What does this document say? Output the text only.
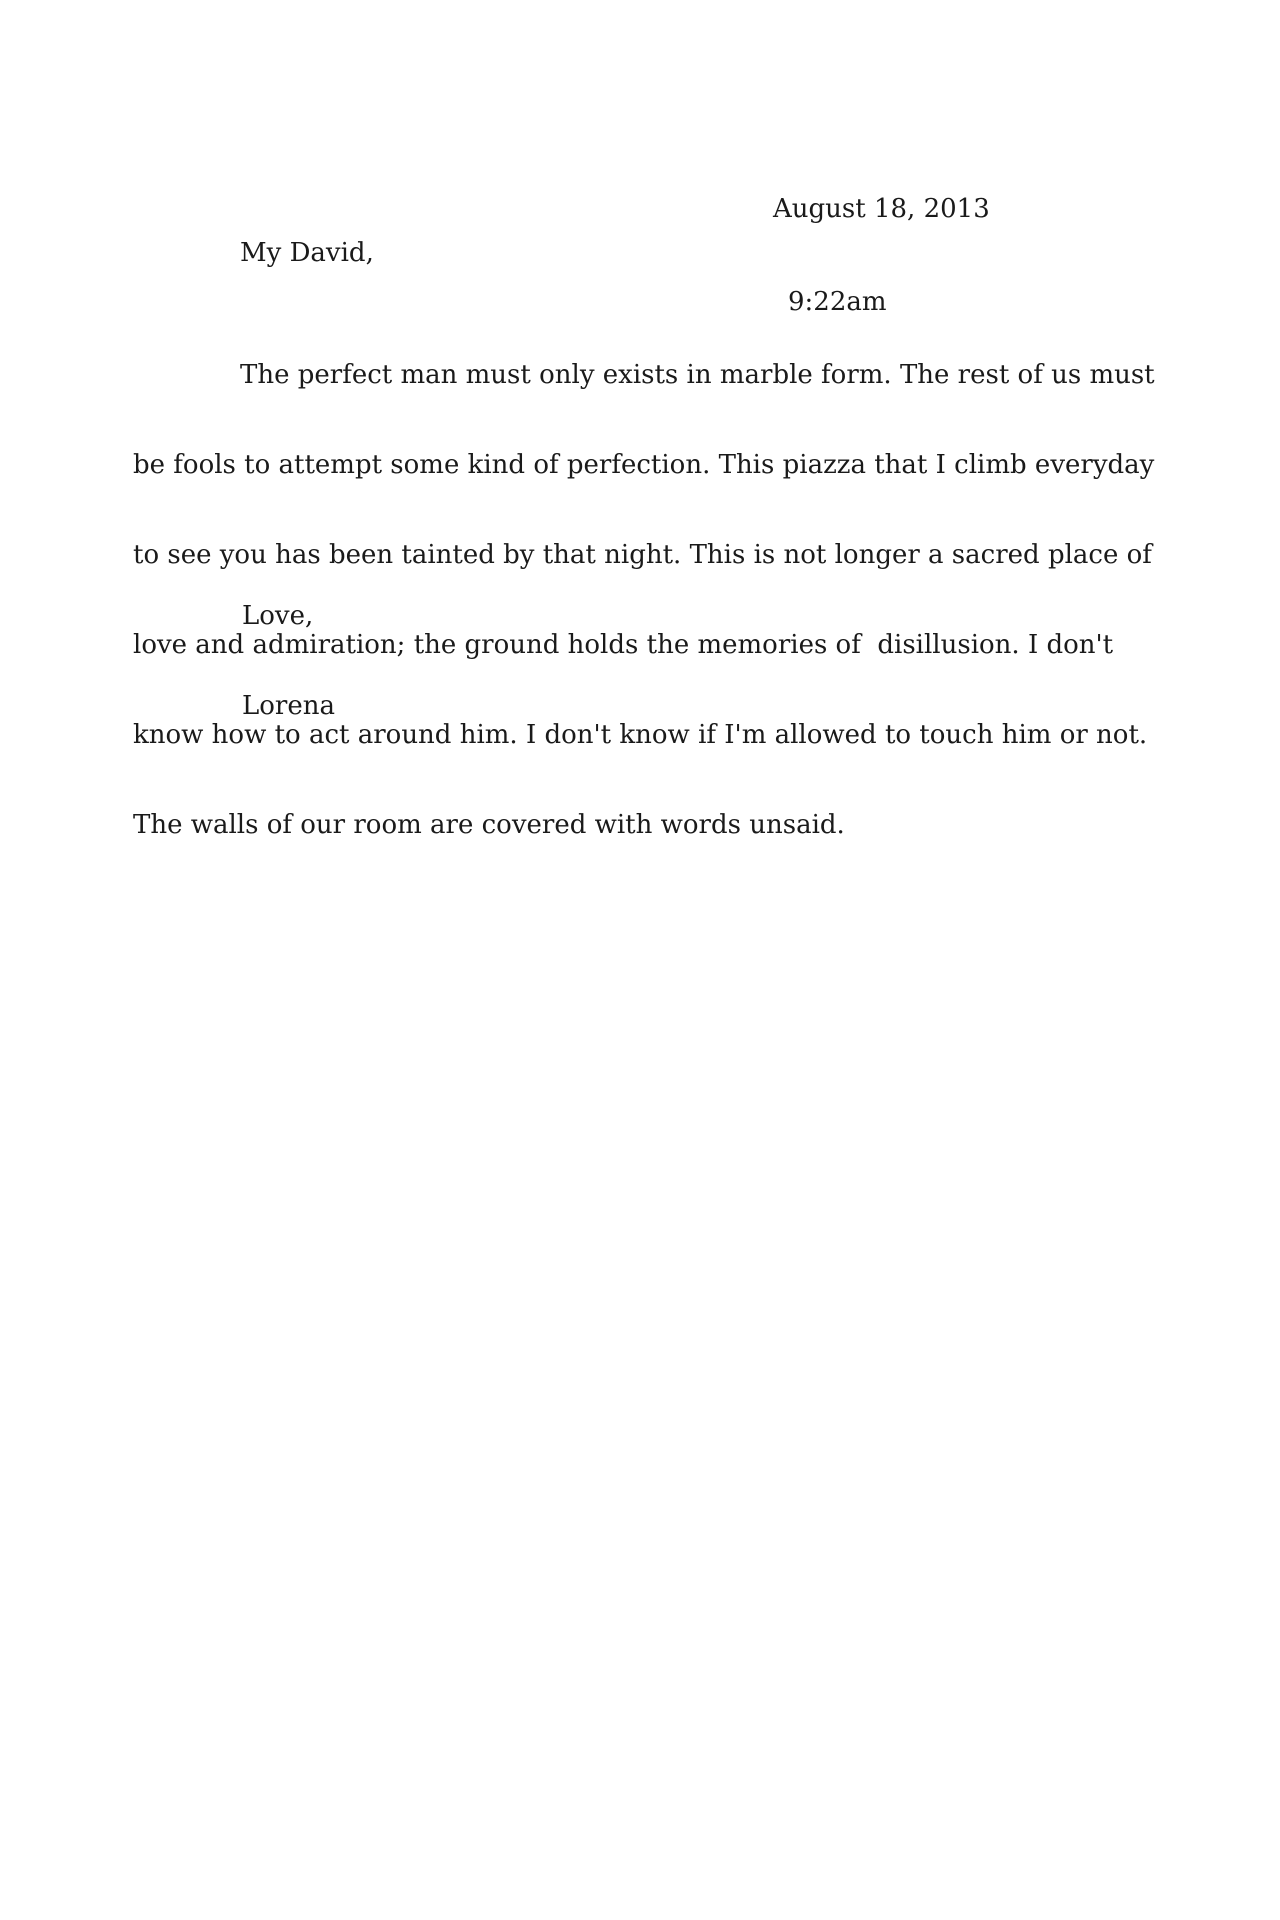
August 18, 2013

9:22am

My David,

The perfect man must only exists in marble form. The rest of us must

be fools to attempt some kind of perfection. This piazza that I climb everyday

to see you has been tainted by that night. This is not longer a sacred place of

love and admiration; the ground holds the memories of  disillusion. I don't

know how to act around him. I don't know if I'm allowed to touch him or not.

The walls of our room are covered with words unsaid.

Love,

Lorena
